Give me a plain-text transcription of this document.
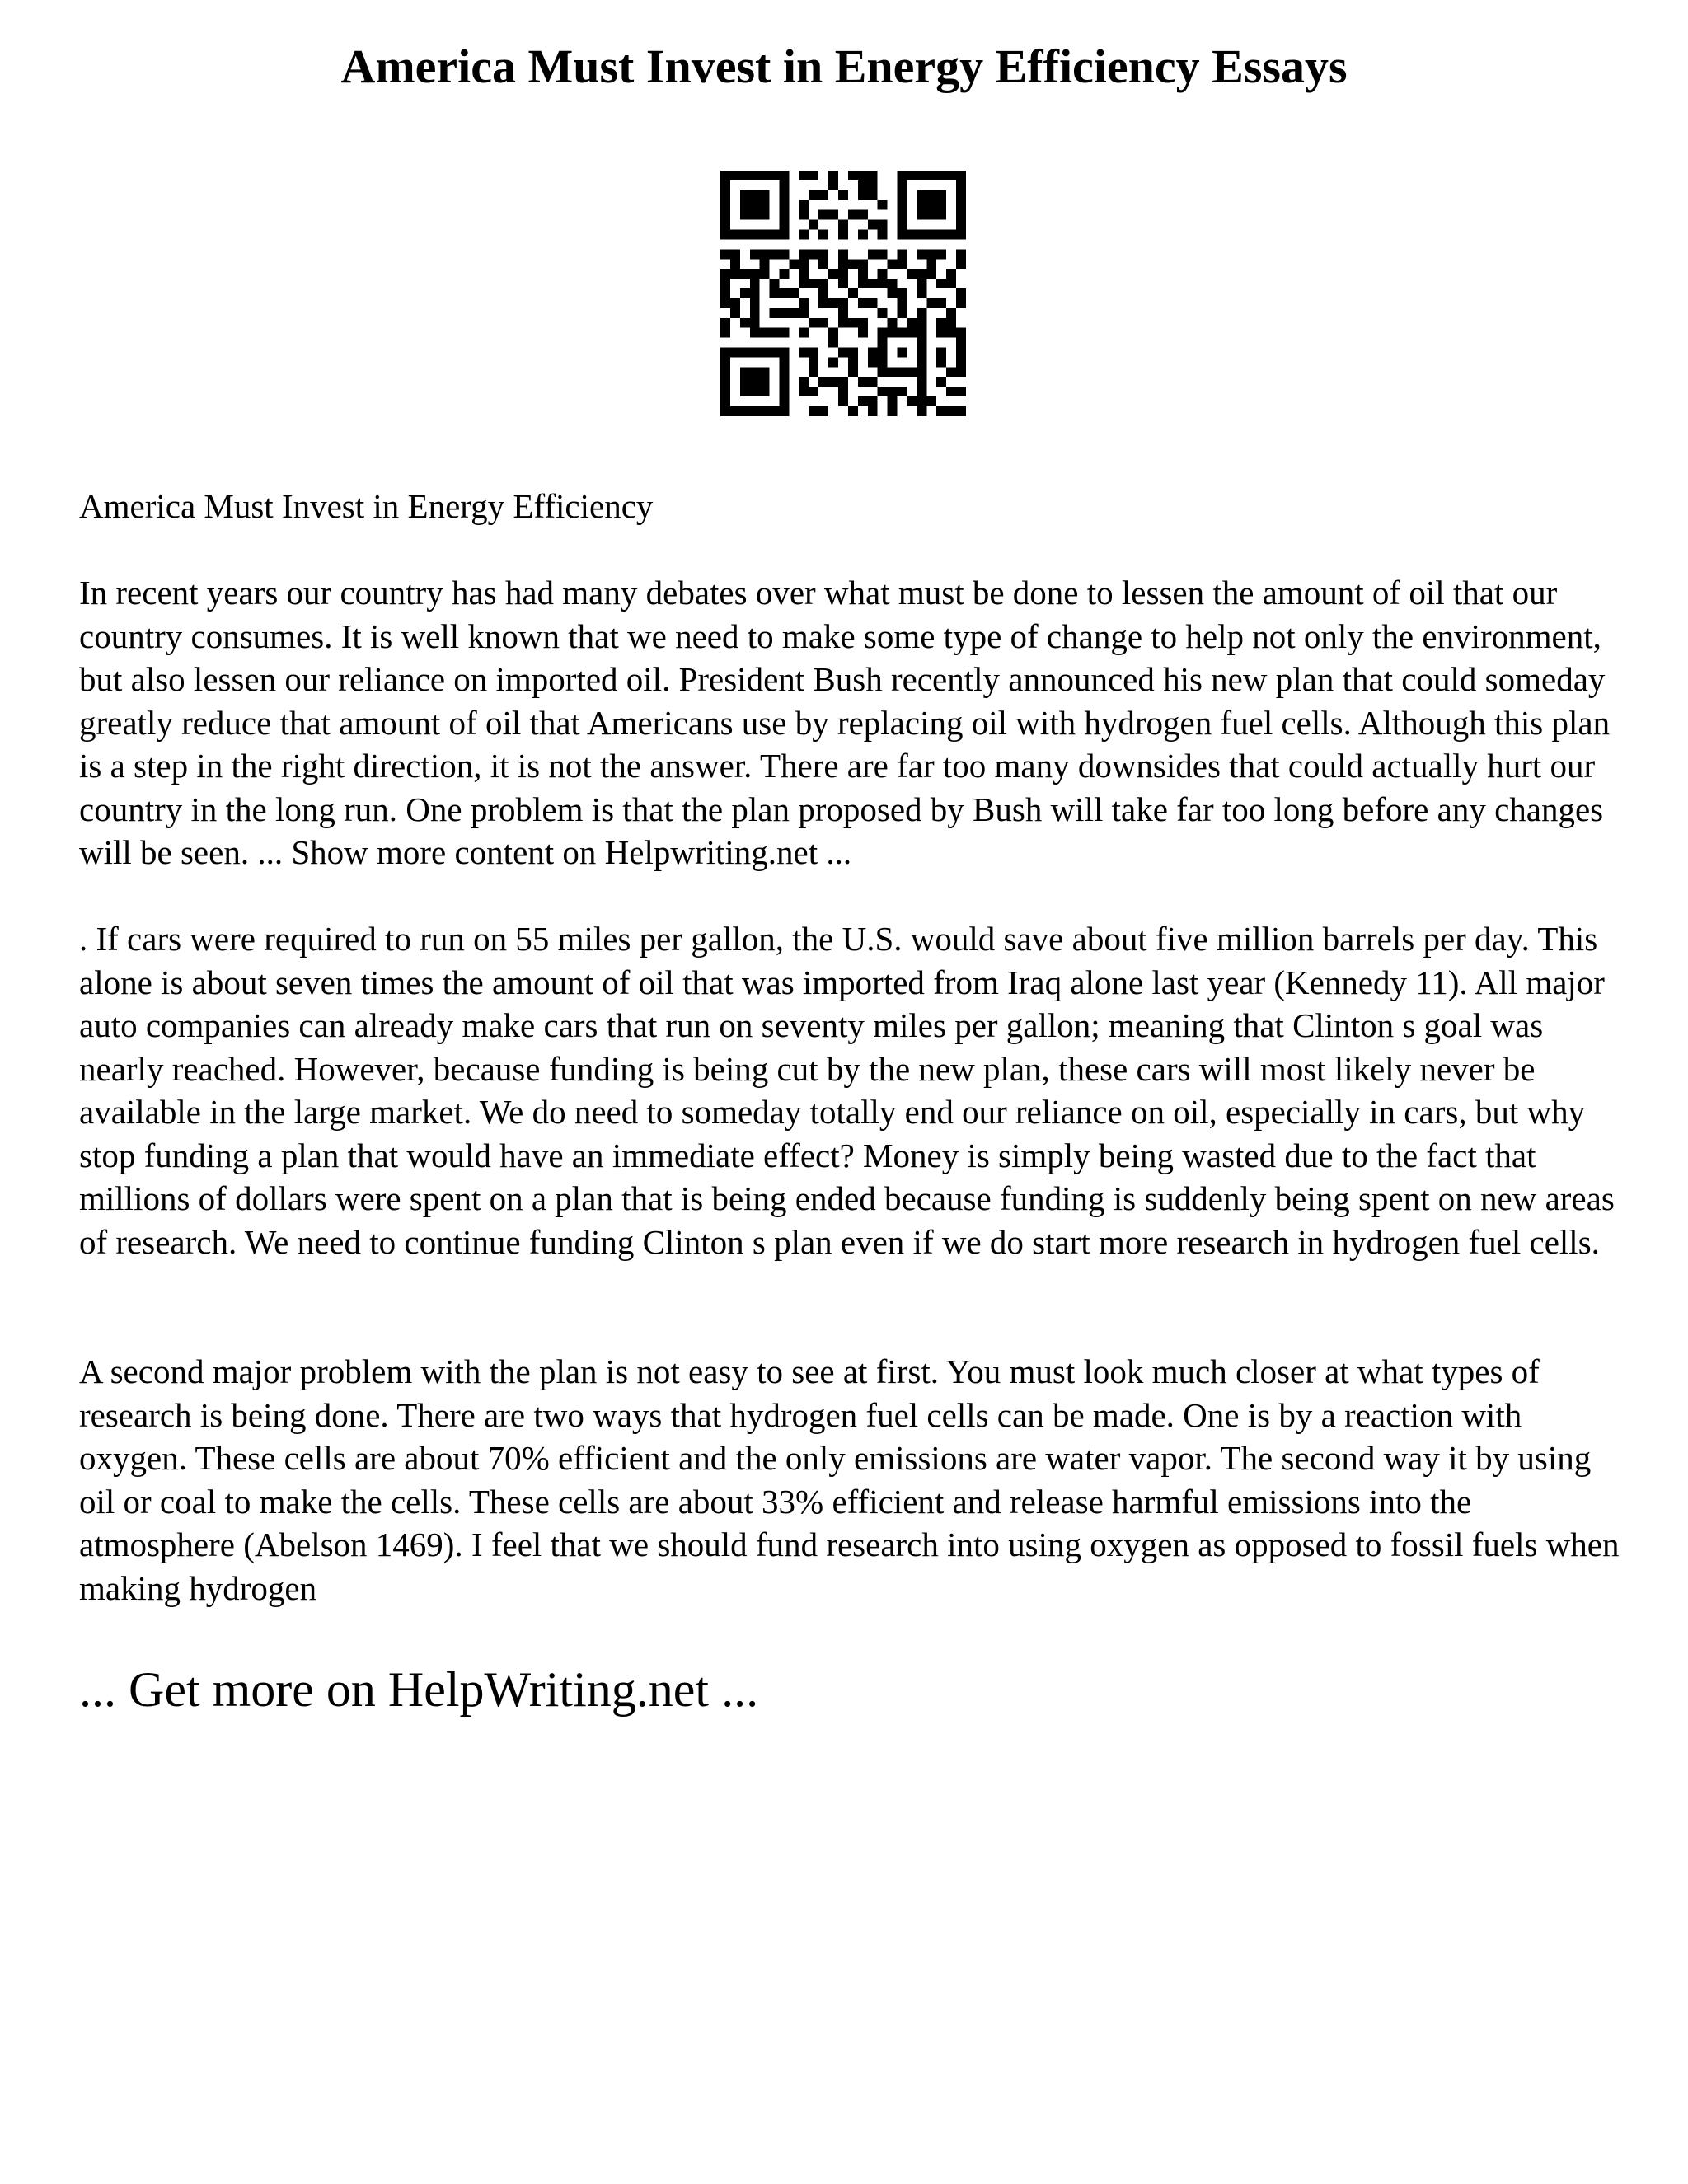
America Must Invest in Energy Efficiency Essays

America Must Invest in Energy Efficiency

In recent years our country has had many debates over what must be done to lessen the amount of oil that our country consumes. It is well known that we need to make some type of change to help not only the environment, but also lessen our reliance on imported oil. President Bush recently announced his new plan that could someday greatly reduce that amount of oil that Americans use by replacing oil with hydrogen fuel cells. Although this plan is a step in the right direction, it is not the answer. There are far too many downsides that could actually hurt our country in the long run. One problem is that the plan proposed by Bush will take far too long before any changes will be seen. ... Show more content on Helpwriting.net ...

. If cars were required to run on 55 miles per gallon, the U.S. would save about five million barrels per day. This alone is about seven times the amount of oil that was imported from Iraq alone last year (Kennedy 11). All major auto companies can already make cars that run on seventy miles per gallon; meaning that Clinton s goal was nearly reached. However, because funding is being cut by the new plan, these cars will most likely never be available in the large market. We do need to someday totally end our reliance on oil, especially in cars, but why stop funding a plan that would have an immediate effect? Money is simply being wasted due to the fact that millions of dollars were spent on a plan that is being ended because funding is suddenly being spent on new areas of research. We need to continue funding Clinton s plan even if we do start more research in hydrogen fuel cells.

A second major problem with the plan is not easy to see at first. You must look much closer at what types of research is being done. There are two ways that hydrogen fuel cells can be made. One is by a reaction with oxygen. These cells are about 70% efficient and the only emissions are water vapor. The second way it by using oil or coal to make the cells. These cells are about 33% efficient and release harmful emissions into the atmosphere (Abelson 1469). I feel that we should fund research into using oxygen as opposed to fossil fuels when making hydrogen

... Get more on HelpWriting.net ...
